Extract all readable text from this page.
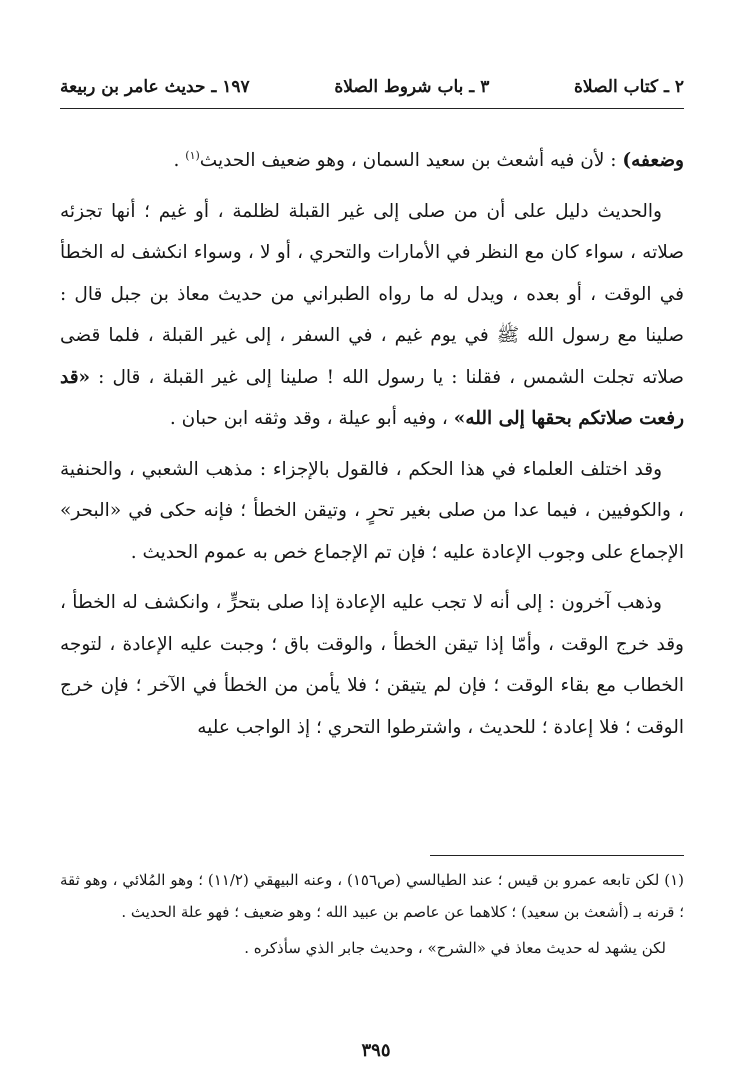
٢ ـ كتاب الصلاة
٣ ـ باب شروط الصلاة
١٩٧ ـ حديث عامر بن ربيعة

وضعفه) : لأن فيه أشعث بن سعيد السمان ، وهو ضعيف الحديث$^{(١)}$ .

والحديث دليل على أن من صلى إلى غير القبلة لظلمة ، أو غيم ؛ أنها تجزئه صلاته ، سواء كان مع النظر في الأمارات والتحري ، أو لا ، وسواء انكشف له الخطأ في الوقت ، أو بعده ، ويدل له ما رواه الطبراني من حديث معاذ بن جبل قال : صلينا مع رسول الله ﷺ في يوم غيم ، في السفر ، إلى غير القبلة ، فلما قضى صلاته تجلت الشمس ، فقلنا : يا رسول الله ! صلينا إلى غير القبلة ، قال : «قد رفعت صلاتكم بحقها إلى الله» ، وفيه أبو عيلة ، وقد وثقه ابن حبان .

وقد اختلف العلماء في هذا الحكم ، فالقول بالإجزاء : مذهب الشعبي ، والحنفية ، والكوفيين ، فيما عدا من صلى بغير تحرٍ ، وتيقن الخطأ ؛ فإنه حكى في «البحر» الإجماع على وجوب الإعادة عليه ؛ فإن تم الإجماع خص به عموم الحديث .

وذهب آخرون : إلى أنه لا تجب عليه الإعادة إذا صلى بتحرٍّ ، وانكشف له الخطأ ، وقد خرج الوقت ، وأمّا إذا تيقن الخطأ ، والوقت باق ؛ وجبت عليه الإعادة ، لتوجه الخطاب مع بقاء الوقت ؛ فإن لم يتيقن ؛ فلا يأمن من الخطأ في الآخر ؛ فإن خرج الوقت ؛ فلا إعادة ؛ للحديث ، واشترطوا التحري ؛ إذ الواجب عليه

(١) لكن تابعه عمرو بن قيس ؛ عند الطيالسي (ص١٥٦) ، وعنه البيهقي (١١/٢) ؛ وهو المُلائي ، وهو ثقة ؛ قرنه بـ (أشعث بن سعيد) ؛ كلاهما عن عاصم بن عبيد الله ؛ وهو ضعيف ؛ فهو علة الحديث .

لكن يشهد له حديث معاذ في «الشرح» ، وحديث جابر الذي سأذكره .

٣٩٥
